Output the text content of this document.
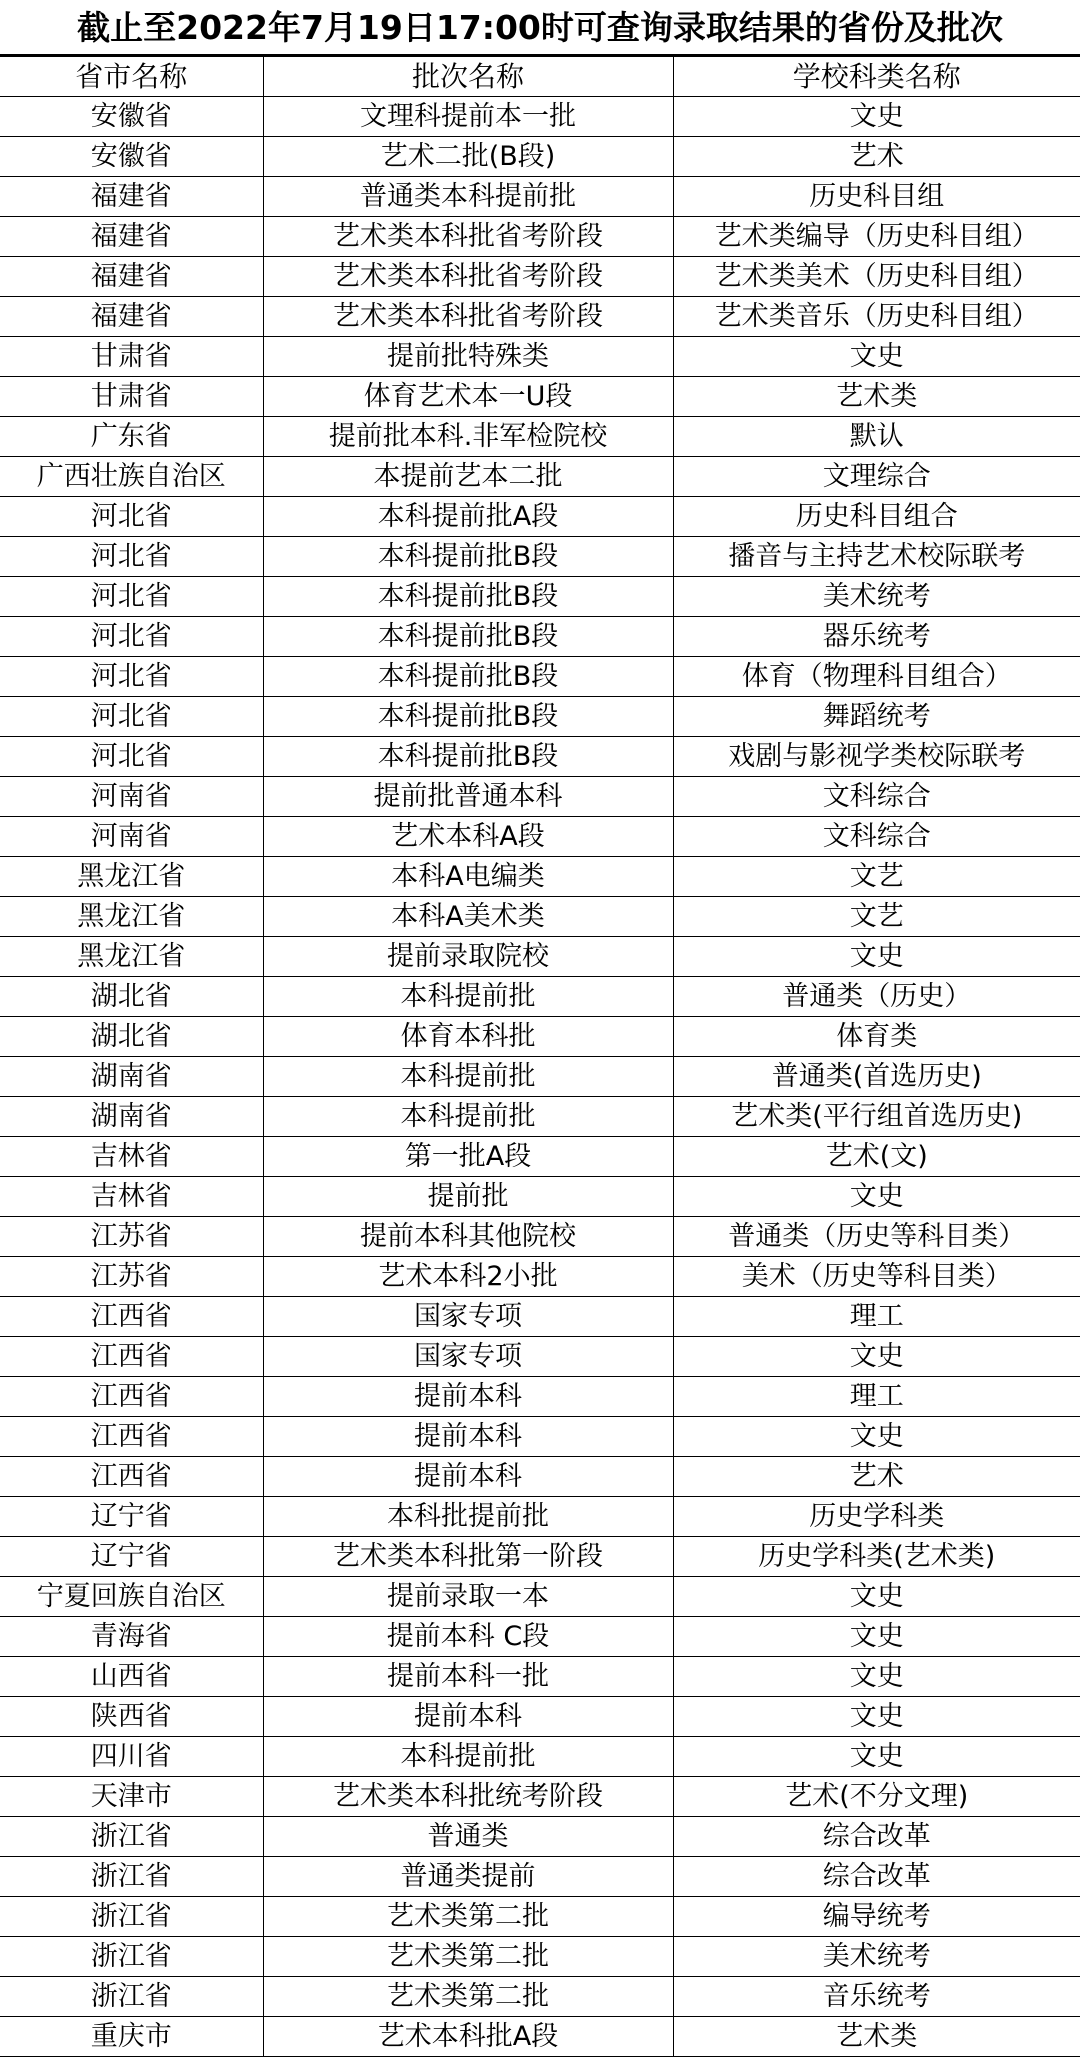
截止至2022年7月19日17:00时可查询录取结果的省份及批次
省市名称	批次名称	学校科类名称
安徽省	文理科提前本一批	文史
安徽省	艺术二批(B段)	艺术
福建省	普通类本科提前批	历史科目组
福建省	艺术类本科批省考阶段	艺术类编导（历史科目组）
福建省	艺术类本科批省考阶段	艺术类美术（历史科目组）
福建省	艺术类本科批省考阶段	艺术类音乐（历史科目组）
甘肃省	提前批特殊类	文史
甘肃省	体育艺术本一U段	艺术类
广东省	提前批本科.非军检院校	默认
广西壮族自治区	本提前艺本二批	文理综合
河北省	本科提前批A段	历史科目组合
河北省	本科提前批B段	播音与主持艺术校际联考
河北省	本科提前批B段	美术统考
河北省	本科提前批B段	器乐统考
河北省	本科提前批B段	体育（物理科目组合）
河北省	本科提前批B段	舞蹈统考
河北省	本科提前批B段	戏剧与影视学类校际联考
河南省	提前批普通本科	文科综合
河南省	艺术本科A段	文科综合
黑龙江省	本科A电编类	文艺
黑龙江省	本科A美术类	文艺
黑龙江省	提前录取院校	文史
湖北省	本科提前批	普通类（历史）
湖北省	体育本科批	体育类
湖南省	本科提前批	普通类(首选历史)
湖南省	本科提前批	艺术类(平行组首选历史)
吉林省	第一批A段	艺术(文)
吉林省	提前批	文史
江苏省	提前本科其他院校	普通类（历史等科目类）
江苏省	艺术本科2小批	美术（历史等科目类）
江西省	国家专项	理工
江西省	国家专项	文史
江西省	提前本科	理工
江西省	提前本科	文史
江西省	提前本科	艺术
辽宁省	本科批提前批	历史学科类
辽宁省	艺术类本科批第一阶段	历史学科类(艺术类)
宁夏回族自治区	提前录取一本	文史
青海省	提前本科 C段	文史
山西省	提前本科一批	文史
陕西省	提前本科	文史
四川省	本科提前批	文史
天津市	艺术类本科批统考阶段	艺术(不分文理)
浙江省	普通类	综合改革
浙江省	普通类提前	综合改革
浙江省	艺术类第二批	编导统考
浙江省	艺术类第二批	美术统考
浙江省	艺术类第二批	音乐统考
重庆市	艺术本科批A段	艺术类
